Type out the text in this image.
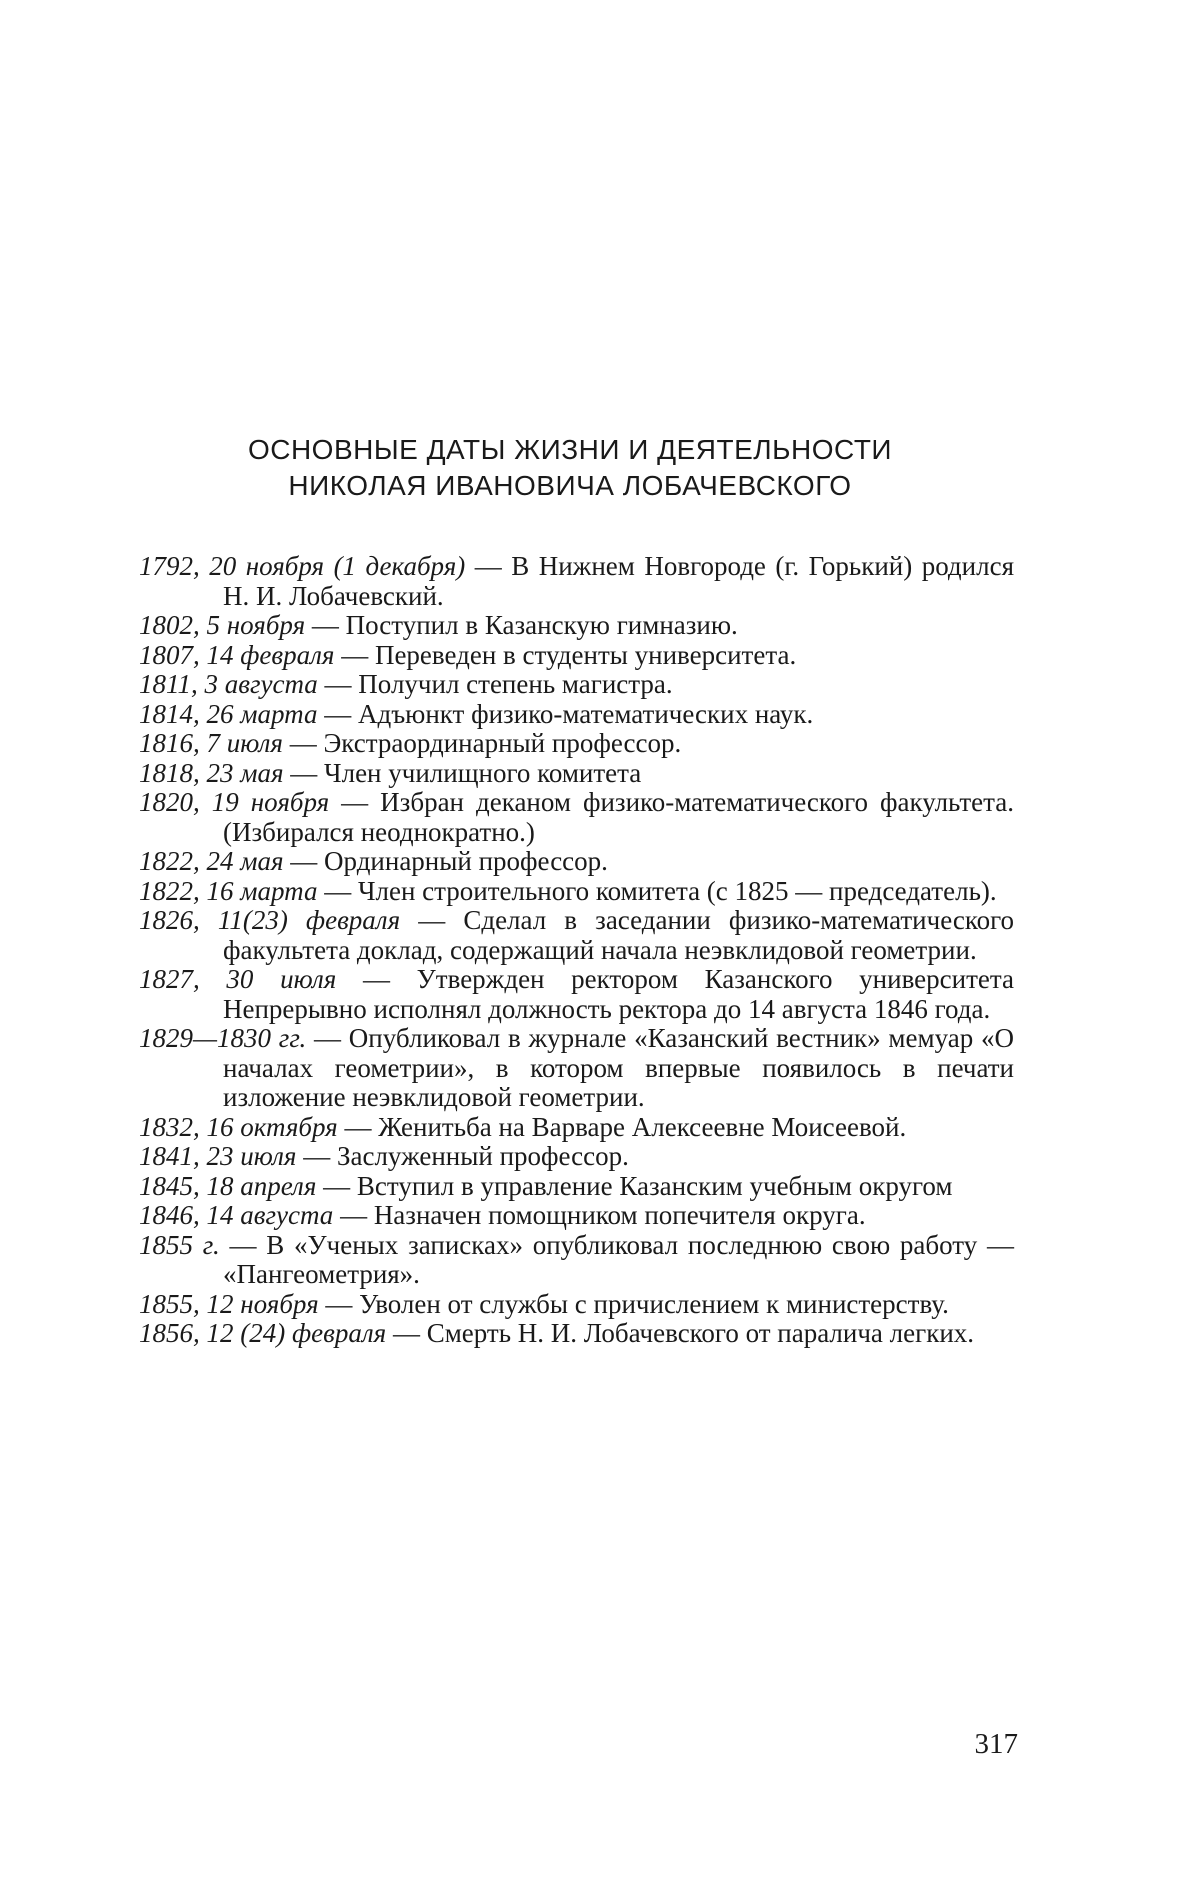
ОСНОВНЫЕ ДАТЫ ЖИЗНИ И ДЕЯТЕЛЬНОСТИ
НИКОЛАЯ ИВАНОВИЧА ЛОБАЧЕВСКОГО

1792, 20 ноября (1 декабря) — В Нижнем Новгороде (г. Горький) родился Н. И. Лобачевский.

1802, 5 ноября — Поступил в Казанскую гимназию.

1807, 14 февраля — Переведен в студенты университета.

1811, 3 августа — Получил степень магистра.

1814, 26 марта — Адъюнкт физико-математических наук.

1816, 7 июля — Экстраординарный профессор.

1818, 23 мая — Член училищного комитета

1820, 19 ноября — Избран деканом физико-математического факультета. (Избирался неоднократно.)

1822, 24 мая — Ординарный профессор.

1822, 16 марта — Член строительного комитета (с 1825 — председатель).

1826, 11(23) февраля — Сделал в заседании физико-математического факультета доклад, содержащий начала неэвклидовой геометрии.

1827, 30 июля — Утвержден ректором Казанского университета Непрерывно исполнял должность ректора до 14 августа 1846 года.

1829—1830 гг. — Опубликовал в журнале «Казанский вестник» мемуар «О началах геометрии», в котором впервые появилось в печати изложение неэвклидовой геометрии.

1832, 16 октября — Женитьба на Варваре Алексеевне Моисеевой.

1841, 23 июля — Заслуженный профессор.

1845, 18 апреля — Вступил в управление Казанским учебным округом

1846, 14 августа — Назначен помощником попечителя округа.

1855 г. — В «Ученых записках» опубликовал последнюю свою работу — «Пангеометрия».

1855, 12 ноября — Уволен от службы с причислением к министерству.

1856, 12 (24) февраля — Смерть Н. И. Лобачевского от паралича легких.

317
